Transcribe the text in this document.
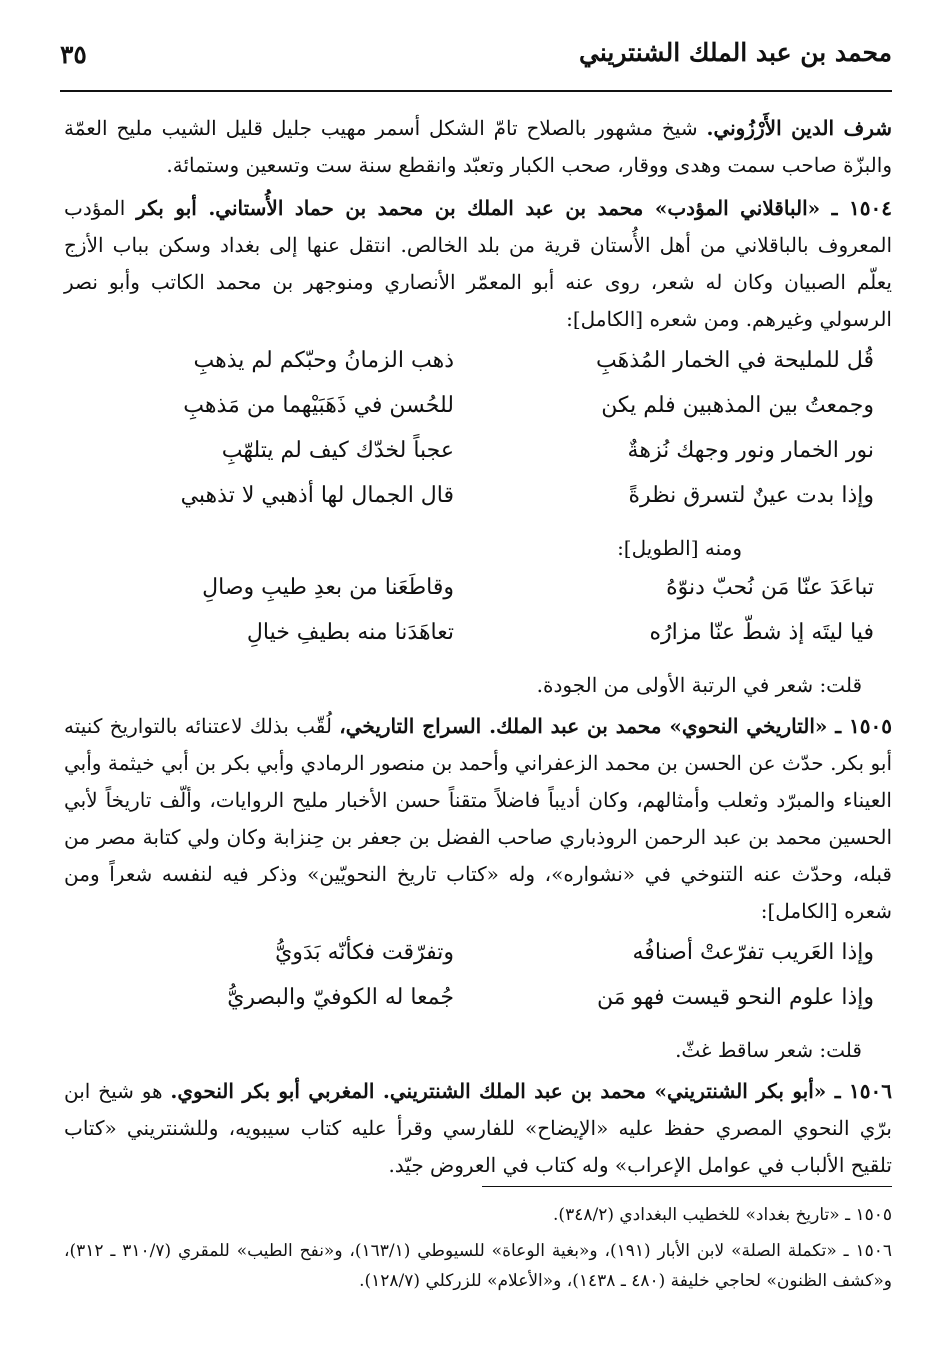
محمد بن عبد الملك الشنتريني
٣٥

شرف الدين الأَرْزُوني. شيخ مشهور بالصلاح تامّ الشكل أسمر مهيب جليل قليل الشيب مليح العمّة والبزّة صاحب سمت وهدى ووقار، صحب الكبار وتعبّد وانقطع سنة ست وتسعين وستمائة.

١٥٠٤ ـ «الباقلاني المؤدب» محمد بن عبد الملك بن محمد بن حماد الأُستاني. أبو بكر المؤدب المعروف بالباقلاني من أهل الأُستان قرية من بلد الخالص. انتقل عنها إلى بغداد وسكن بباب الأزج يعلّم الصبيان وكان له شعر، روى عنه أبو المعمّر الأنصاري ومنوجهر بن محمد الكاتب وأبو نصر الرسولي وغيرهم. ومن شعره [الكامل]:

قُل للمليحة في الخمار المُذهَبِ
ذهب الزمانُ وحبّكم لم يذهبِ
وجمعتُ بين المذهبين فلم يكن
للحُسن في ذَهَبَيْهما من مَذهبِ
نور الخمار ونور وجهك نُزهةٌ
عجباً لخدّك كيف لم يتلهّبِ
وإذا بدت عينٌ لتسرق نظرةً
قال الجمال لها أذهبي لا تذهبي

ومنه [الطويل]:

تباعَدَ عنّا مَن نُحبّ دنوّهُ
وقاطَعَنا من بعدِ طيبِ وصالِ
فيا ليتَه إذ شطّ عنّا مزارُه
تعاهَدَنا منه بطيفِ خيالِ

قلت: شعر في الرتبة الأولى من الجودة.

١٥٠٥ ـ «التاريخي النحوي» محمد بن عبد الملك. السراج التاريخي، لُقّب بذلك لاعتنائه بالتواريخ كنيته أبو بكر. حدّث عن الحسن بن محمد الزعفراني وأحمد بن منصور الرمادي وأبي بكر بن أبي خيثمة وأبي العيناء والمبرّد وثعلب وأمثالهم، وكان أديباً فاضلاً متقناً حسن الأخبار مليح الروايات، وألّف تاريخاً لأبي الحسين محمد بن عبد الرحمن الروذباري صاحب الفضل بن جعفر بن حِنزابة وكان ولي كتابة مصر من قبله، وحدّث عنه التنوخي في «نشواره»، وله «كتاب تاريخ النحويّين» وذكر فيه لنفسه شعراً ومن شعره [الكامل]:

وإذا العَريب تفرّعتْ أصنافُه
وتفرّقت فكأنّه بَدَويُّ
وإذا علوم النحو قيست فهو مَن
جُمعا له الكوفيّ والبصريُّ

قلت: شعر ساقط غثّ.

١٥٠٦ ـ «أبو بكر الشنتريني» محمد بن عبد الملك الشنتريني. المغربي أبو بكر النحوي. هو شيخ ابن برّي النحوي المصري حفظ عليه «الإيضاح» للفارسي وقرأ عليه كتاب سيبويه، وللشنتريني «كتاب تلقيح الألباب في عوامل الإعراب» وله كتاب في العروض جيّد.

١٥٠٥ ـ «تاريخ بغداد» للخطيب البغدادي (٣٤٨/٢).

١٥٠٦ ـ «تكملة الصلة» لابن الأبار (١٩١)، و«بغية الوعاة» للسيوطي (١٦٣/١)، و«نفح الطيب» للمقري (٣١٠/٧ ـ ٣١٢)، و«كشف الظنون» لحاجي خليفة (٤٨٠ ـ ١٤٣٨)، و«الأعلام» للزركلي (١٢٨/٧).
